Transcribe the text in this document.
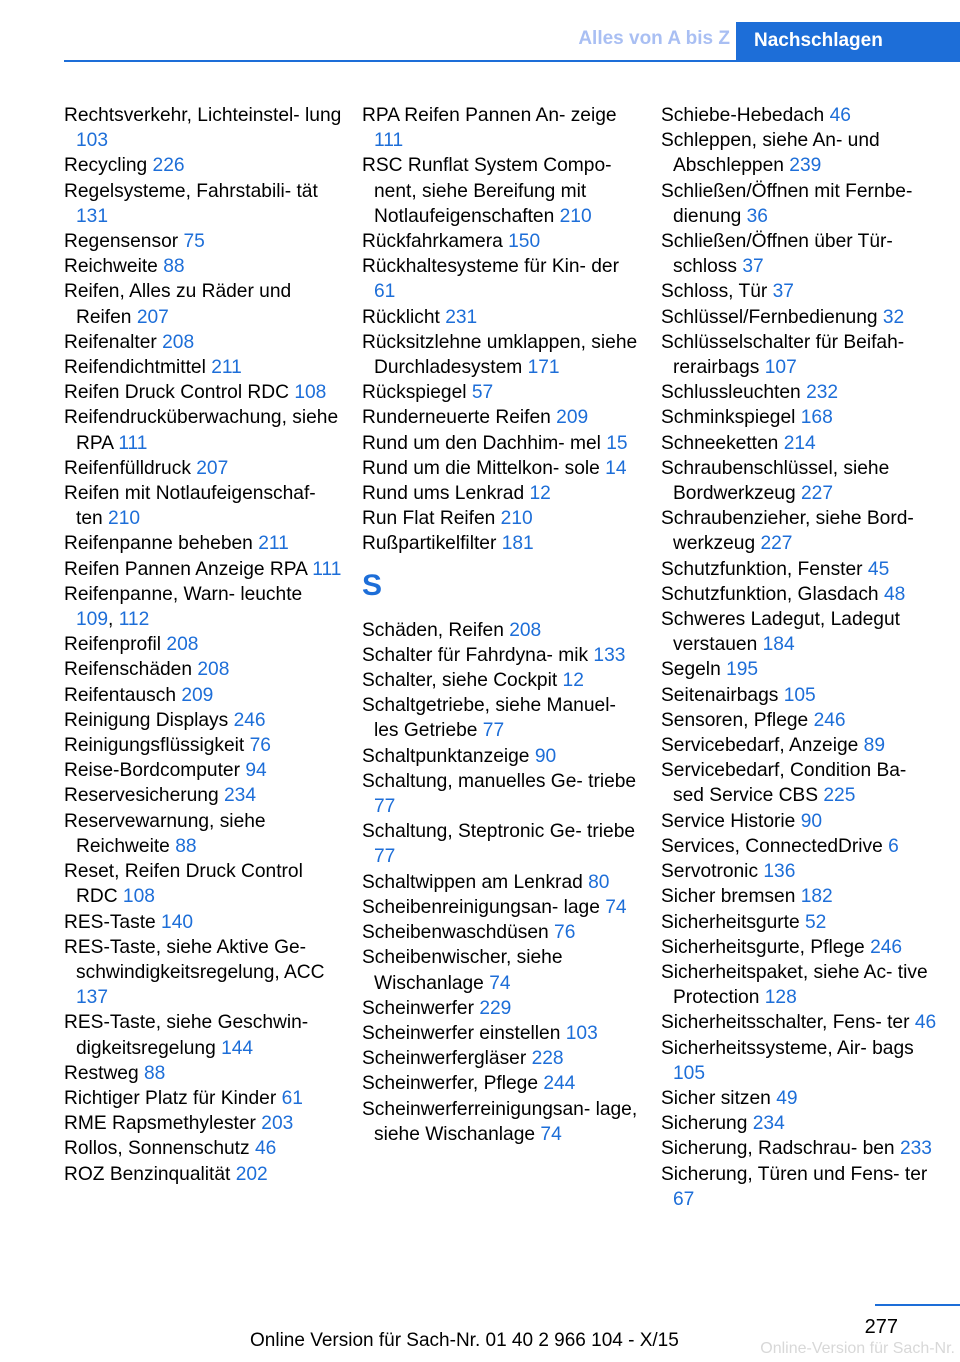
Alles von A bis Z	Nachschlagen

Rechtsverkehr, Lichteinstel‐ lung 103

Recycling 226

Regelsysteme, Fahrstabili‐ tät 131

Regensensor 75

Reichweite 88

Reifen, Alles zu Räder und Reifen 207

Reifenalter 208

Reifendichtmittel 211

Reifen Druck Control RDC 108

Reifendrucküberwachung, siehe RPA 111

Reifenfülldruck 207

Reifen mit Notlaufeigenschaf‐ ten 210

Reifenpanne beheben 211

Reifen Pannen Anzeige RPA 111

Reifenpanne, Warn‐ leuchte 109, 112

Reifenprofil 208

Reifenschäden 208

Reifentausch 209

Reinigung Displays 246

Reinigungsflüssigkeit 76

Reise-Bordcomputer 94

Reservesicherung 234

Reservewarnung, siehe Reichweite 88

Reset, Reifen Druck Control RDC 108

RES-Taste 140

RES-Taste, siehe Aktive Ge‐ schwindigkeitsregelung, ACC 137

RES-Taste, siehe Geschwin‐ digkeitsregelung 144

Restweg 88

Richtiger Platz für Kinder 61

RME Rapsmethylester 203

Rollos, Sonnenschutz 46

ROZ Benzinqualität 202

RPA Reifen Pannen An‐ zeige 111

RSC Runflat System Compo‐ nent, siehe Bereifung mit Notlaufeigenschaften 210

Rückfahrkamera 150

Rückhaltesysteme für Kin‐ der 61

Rücklicht 231

Rücksitzlehne umklappen, siehe Durchladesystem 171

Rückspiegel 57

Runderneuerte Reifen 209

Rund um den Dachhim‐ mel 15

Rund um die Mittelkon‐ sole 14

Rund ums Lenkrad 12

Run Flat Reifen 210

Rußpartikelfilter 181

S

Schäden, Reifen 208

Schalter für Fahrdyna‐ mik 133

Schalter, siehe Cockpit 12

Schaltgetriebe, siehe Manuel‐ les Getriebe 77

Schaltpunktanzeige 90

Schaltung, manuelles Ge‐ triebe 77

Schaltung, Steptronic Ge‐ triebe 77

Schaltwippen am Lenkrad 80

Scheibenreinigungsan‐ lage 74

Scheibenwaschdüsen 76

Scheibenwischer, siehe Wischanlage 74

Scheinwerfer 229

Scheinwerfer einstellen 103

Scheinwerfergläser 228

Scheinwerfer, Pflege 244

Scheinwerferreinigungsan‐ lage, siehe Wischanlage 74

Schiebe-Hebedach 46

Schleppen, siehe An- und Abschleppen 239

Schließen/Öffnen mit Fernbe‐ dienung 36

Schließen/Öffnen über Tür‐ schloss 37

Schloss, Tür 37

Schlüssel/Fernbedienung 32

Schlüsselschalter für Beifah‐ rerairbags 107

Schlussleuchten 232

Schminkspiegel 168

Schneeketten 214

Schraubenschlüssel, siehe Bordwerkzeug 227

Schraubenzieher, siehe Bord‐ werkzeug 227

Schutzfunktion, Fenster 45

Schutzfunktion, Glasdach 48

Schweres Ladegut, Ladegut verstauen 184

Segeln 195

Seitenairbags 105

Sensoren, Pflege 246

Servicebedarf, Anzeige 89

Servicebedarf, Condition Ba‐ sed Service CBS 225

Service Historie 90

Services, ConnectedDrive 6

Servotronic 136

Sicher bremsen 182

Sicherheitsgurte 52

Sicherheitsgurte, Pflege 246

Sicherheitspaket, siehe Ac‐ tive Protection 128

Sicherheitsschalter, Fens‐ ter 46

Sicherheitssysteme, Air‐ bags 105

Sicher sitzen 49

Sicherung 234

Sicherung, Radschrau‐ ben 233

Sicherung, Türen und Fens‐ ter 67

277
Online Version für Sach-Nr. 01 40 2 966 104 - X/15	Online-Version für Sach-Nr.
